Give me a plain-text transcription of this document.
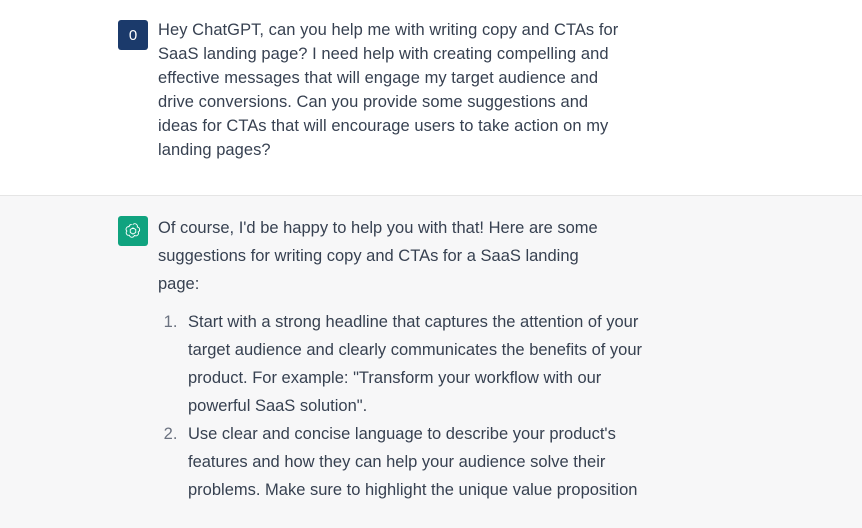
0 Hey ChatGPT, can you help me with writing copy and CTAs for SaaS landing page? I need help with creating compelling and effective messages that will engage my target audience and drive conversions. Can you provide some suggestions and ideas for CTAs that will encourage users to take action on my landing pages?

Of course, I'd be happy to help you with that! Here are some suggestions for writing copy and CTAs for a SaaS landing page:

1. Start with a strong headline that captures the attention of your target audience and clearly communicates the benefits of your product. For example: "Transform your workflow with our powerful SaaS solution".
2. Use clear and concise language to describe your product's features and how they can help your audience solve their problems. Make sure to highlight the unique value proposition
